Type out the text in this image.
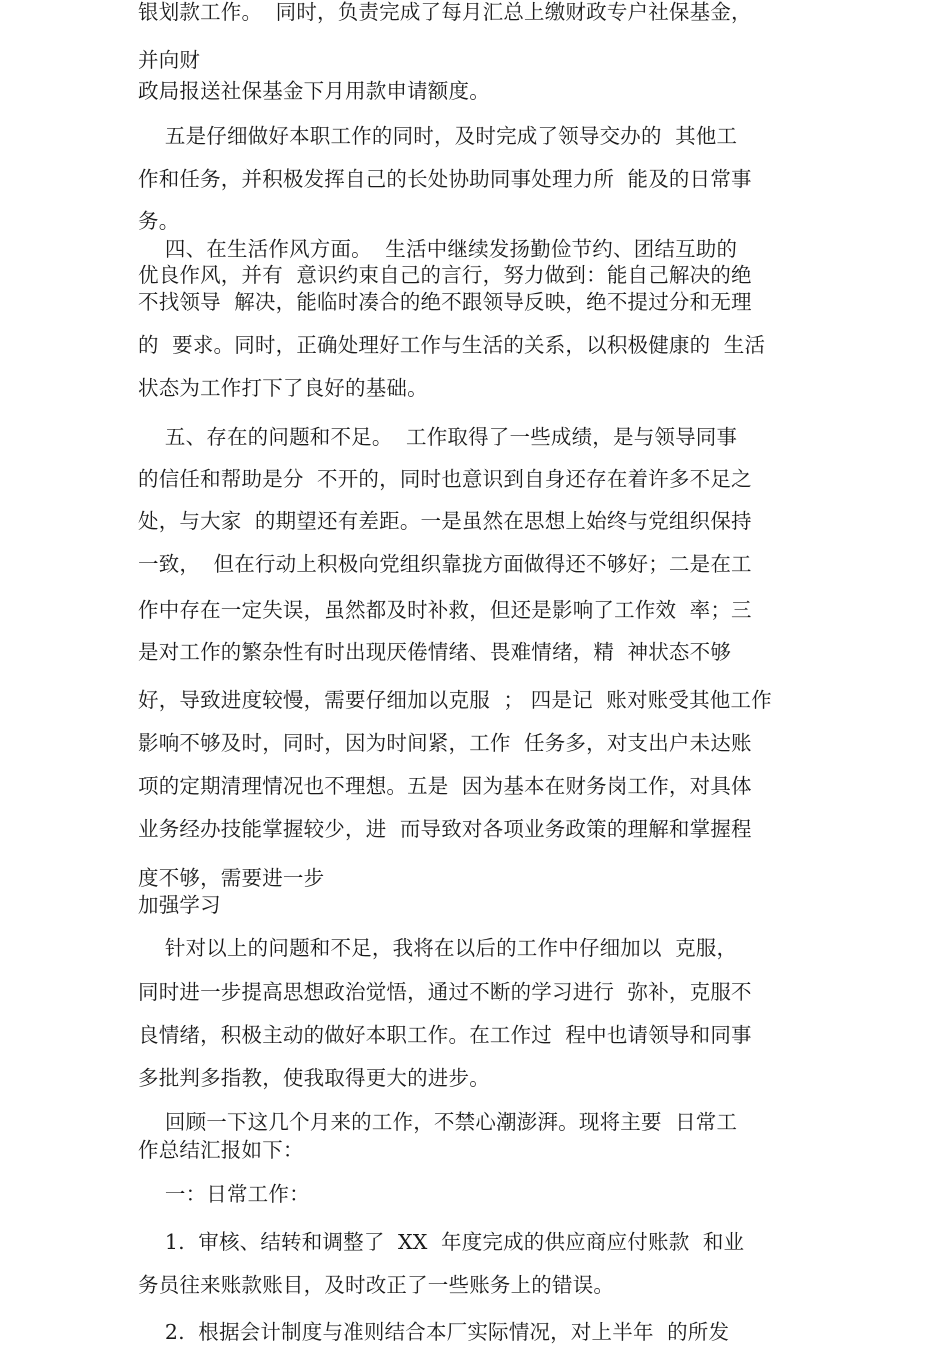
银划款工作。  同时，负责完成了每月汇总上缴财政专户社保基金，
并向财
政局报送社保基金下月用款申请额度。
五是仔细做好本职工作的同时，及时完成了领导交办的  其他工
作和任务，并积极发挥自己的长处协助同事处理力所  能及的日常事
务。
四、在生活作风方面。  生活中继续发扬勤俭节约、团结互助的
优良作风，并有  意识约束自己的言行，努力做到：能自己解决的绝
不找领导  解决，能临时凑合的绝不跟领导反映，绝不提过分和无理
的  要求。同时，正确处理好工作与生活的关系，以积极健康的  生活
状态为工作打下了良好的基础。
五、存在的问题和不足。  工作取得了一些成绩，是与领导同事
的信任和帮助是分  不开的，同时也意识到自身还存在着许多不足之
处，与大家  的期望还有差距。一是虽然在思想上始终与党组织保持
一致，  但在行动上积极向党组织靠拢方面做得还不够好；二是在工
作中存在一定失误，虽然都及时补救，但还是影响了工作效  率；三
是对工作的繁杂性有时出现厌倦情绪、畏难情绪，精  神状态不够
好，导致进度较慢，需要仔细加以克服  ； 四是记  账对账受其他工作
影响不够及时，同时，因为时间紧，工作  任务多，对支出户未达账
项的定期清理情况也不理想。五是  因为基本在财务岗工作，对具体
业务经办技能掌握较少，进  而导致对各项业务政策的理解和掌握程
度不够，需要进一步
加强学习
针对以上的问题和不足，我将在以后的工作中仔细加以  克服，
同时进一步提高思想政治觉悟，通过不断的学习进行  弥补，克服不
良情绪，积极主动的做好本职工作。在工作过  程中也请领导和同事
多批判多指教，使我取得更大的进步。
回顾一下这几个月来的工作，不禁心潮澎湃。现将主要  日常工
作总结汇报如下：
一：日常工作：
1.  审核、结转和调整了  XX  年度完成的供应商应付账款  和业
务员往来账款账目，及时改正了一些账务上的错误。
2.  根据会计制度与准则结合本厂实际情况，对上半年  的所发
